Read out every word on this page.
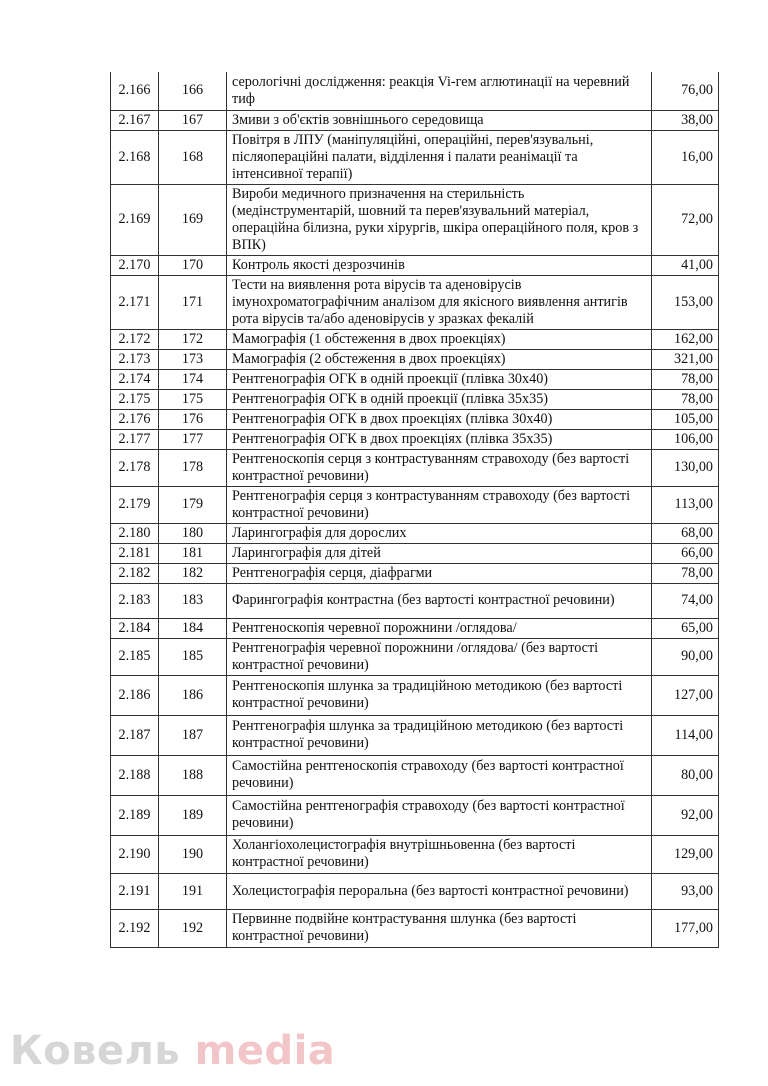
2.166	166	серологічні дослідження: реакція Vi-гем аглютинації на черевний тиф	76,00
2.167	167	Змиви з об'єктів зовнішнього середовища	38,00
2.168	168	Повітря в ЛПУ (маніпуляційні, операційні, перев'язувальні, післяопераційні палати, відділення і палати реанімації та інтенсивної терапії)	16,00
2.169	169	Вироби медичного призначення на стерильність (медінструментарій, шовний та перев'язувальний матеріал, операційна білизна, руки хірургів, шкіра операційного поля, кров з ВПК)	72,00
2.170	170	Контроль якості дезрозчинів	41,00
2.171	171	Тести на виявлення рота вірусів та аденовірусів імунохроматографічним аналізом для якісного виявлення антигів рота вірусів та/або аденовірусів у зразках фекалій	153,00
2.172	172	Мамографія (1 обстеження в двох проекціях)	162,00
2.173	173	Мамографія (2 обстеження в двох проекціях)	321,00
2.174	174	Рентгенографія ОГК в одній проекції (плівка 30х40)	78,00
2.175	175	Рентгенографія ОГК в одній проекції (плівка 35х35)	78,00
2.176	176	Рентгенографія ОГК в двох проекціях (плівка 30х40)	105,00
2.177	177	Рентгенографія ОГК в двох проекціях (плівка 35х35)	106,00
2.178	178	Рентгеноскопія серця з контрастуванням стравоходу (без вартості контрастної речовини)	130,00
2.179	179	Рентгенографія серця з контрастуванням стравоходу (без вартості контрастної речовини)	113,00
2.180	180	Ларингографія для дорослих	68,00
2.181	181	Ларингографія для дітей	66,00
2.182	182	Рентгенографія серця, діафрагми	78,00
2.183	183	Фарингографія контрастна (без вартості контрастної речовини)	74,00
2.184	184	Рентгеноскопія черевної порожнини /оглядова/	65,00
2.185	185	Рентгенографія черевної порожнини /оглядова/ (без вартості контрастної речовини)	90,00
2.186	186	Рентгеноскопія шлунка за традиційною методикою (без вартості контрастної речовини)	127,00
2.187	187	Рентгенографія шлунка за традиційною методикою (без вартості контрастної речовини)	114,00
2.188	188	Самостійна рентгеноскопія стравоходу (без вартості контрастної речовини)	80,00
2.189	189	Самостійна рентгенографія стравоходу (без вартості контрастної речовини)	92,00
2.190	190	Холангіохолецистографія внутрішньовенна (без вартості контрастної речовини)	129,00
2.191	191	Холецистографія пероральна (без вартості контрастної речовини)	93,00
2.192	192	Первинне подвійне контрастування шлунка (без вартості контрастної речовини)	177,00
Ковель media
